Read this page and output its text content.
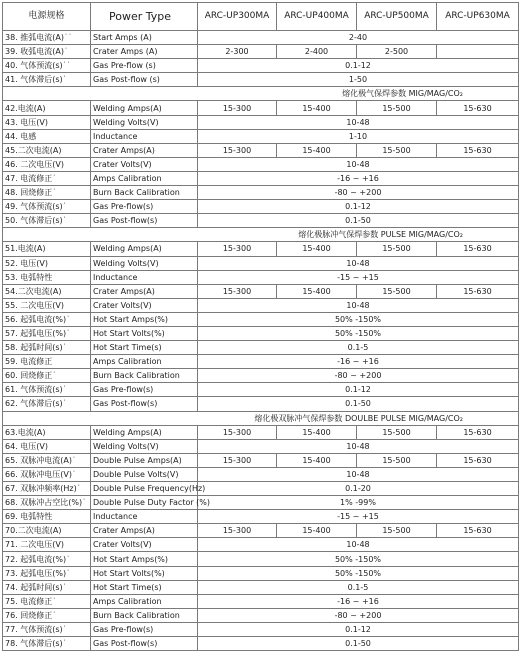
电源规格	Power Type	ARC-UP300MA	ARC-UP400MA	ARC-UP500MA	ARC-UP630MA
38. 推弧电流(A)˙˙	Start Amps (A)	2-40			
39. 收弧电流(A)˙	Crater Amps (A)	2-300	2-400	2-500	
40. 气体预流(s)˙˙	Gas Pre-flow (s)	0.1-12			
41. 气体滞后(s)˙	Gas Post-flow (s)	1-50			
熔化极气保焊参数 MIG/MAG/CO₂					
42.电流(A)	Welding Amps(A)	15-300	15-400	15-500	15-630
43. 电压(V)	Welding Volts(V)	10-48			
44. 电感	Inductance	1-10			
45.二次电流(A)	Crater Amps(A)	15-300	15-400	15-500	15-630
46. 二次电压(V)	Crater Volts(V)	10-48			
47. 电流修正˙	Amps Calibration	-16 ~ +16			
48. 回烧修正˙	Burn Back Calibration	-80 ~ +200			
49. 气体预流(s)˙	Gas Pre-flow(s)	0.1-12			
50. 气体滞后(s)˙	Gas Post-flow(s)	0.1-50			
熔化极脉冲气保焊参数 PULSE MIG/MAG/CO₂					
51.电流(A)	Welding Amps(A)	15-300	15-400	15-500	15-630
52. 电压(V)	Welding Volts(V)	10-48			
53. 电弧特性	Inductance	-15 ~ +15			
54.二次电流(A)	Crater Amps(A)	15-300	15-400	15-500	15-630
55. 二次电压(V)	Crater Volts(V)	10-48			
56. 起弧电流(%)˙	Hot Start Amps(%)	50% -150%			
57. 起弧电压(%)˙	Hot Start Volts(%)	50% -150%			
58. 起弧时间(s)˙	Hot Start Time(s)	0.1-5			
59. 电流修正	Amps Calibration	-16 ~ +16			
60. 回烧修正˙	Burn Back Calibration	-80 ~ +200			
61. 气体预流(s)˙	Gas Pre-flow(s)	0.1-12			
62. 气体滞后(s)˙	Gas Post-flow(s)	0.1-50			
熔化极双脉冲气保焊参数 DOULBE PULSE MIG/MAG/CO₂					
63.电流(A)	Welding Amps(A)	15-300	15-400	15-500	15-630
64. 电压(V)	Welding Volts(V)	10-48			
65. 双脉冲电流(A)˙	Double Pulse Amps(A)	15-300	15-400	15-500	15-630
66. 双脉冲电压(V)˙	Double Pulse Volts(V)	10-48			
67. 双脉冲频率(Hz)˙	Double Pulse Frequency(Hz)	0.1-20			
68. 双脉冲占空比(%)˙	Double Pulse Duty Factor (%)	1% -99%			
69. 电弧特性	Inductance	-15 ~ +15			
70.二次电流(A)	Crater Amps(A)	15-300	15-400	15-500	15-630
71. 二次电压(V)	Crater Volts(V)	10-48			
72. 起弧电流(%)˙	Hot Start Amps(%)	50% -150%			
73. 起弧电压(%)˙	Hot Start Volts(%)	50% -150%			
74. 起弧时间(s)˙	Hot Start Time(s)	0.1-5			
75. 电流修正˙	Amps Calibration	-16 ~ +16			
76. 回烧修正˙	Burn Back Calibration	-80 ~ +200			
77. 气体预流(s)˙	Gas Pre-flow(s)	0.1-12			
78. 气体滞后(s)˙	Gas Post-flow(s)	0.1-50			
